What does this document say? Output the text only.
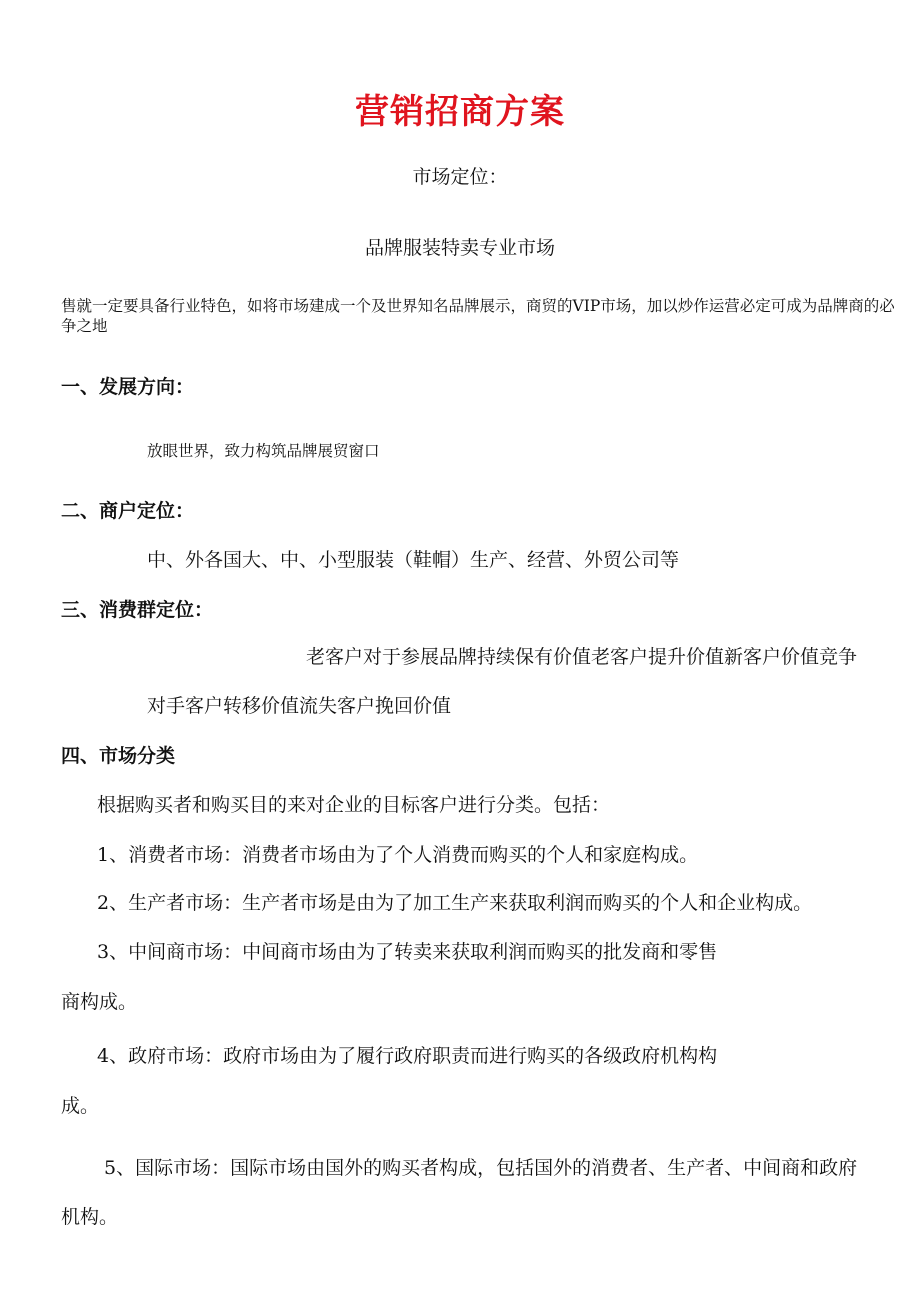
营销招商方案
市场定位：
品牌服装特卖专业市场

售就一定要具备行业特色，如将市场建成一个及世界知名品牌展示，商贸的VIP市场，加以炒作运营必定可成为品牌商的必争之地

一、发展方向：
放眼世界，致力构筑品牌展贸窗口
二、商户定位：
中、外各国大、中、小型服装（鞋帽）生产、经营、外贸公司等
三、消费群定位：
老客户对于参展品牌持续保有价值老客户提升价值新客户价值竞争
对手客户转移价值流失客户挽回价值
四、市场分类
根据购买者和购买目的来对企业的目标客户进行分类。包括：
1、消费者市场：消费者市场由为了个人消费而购买的个人和家庭构成。
2、生产者市场：生产者市场是由为了加工生产来获取利润而购买的个人和企业构成。
3、中间商市场：中间商市场由为了转卖来获取利润而购买的批发商和零售
商构成。
4、政府市场：政府市场由为了履行政府职责而进行购买的各级政府机构构
成。
5、国际市场：国际市场由国外的购买者构成，包括国外的消费者、生产者、中间商和政府
机构。
